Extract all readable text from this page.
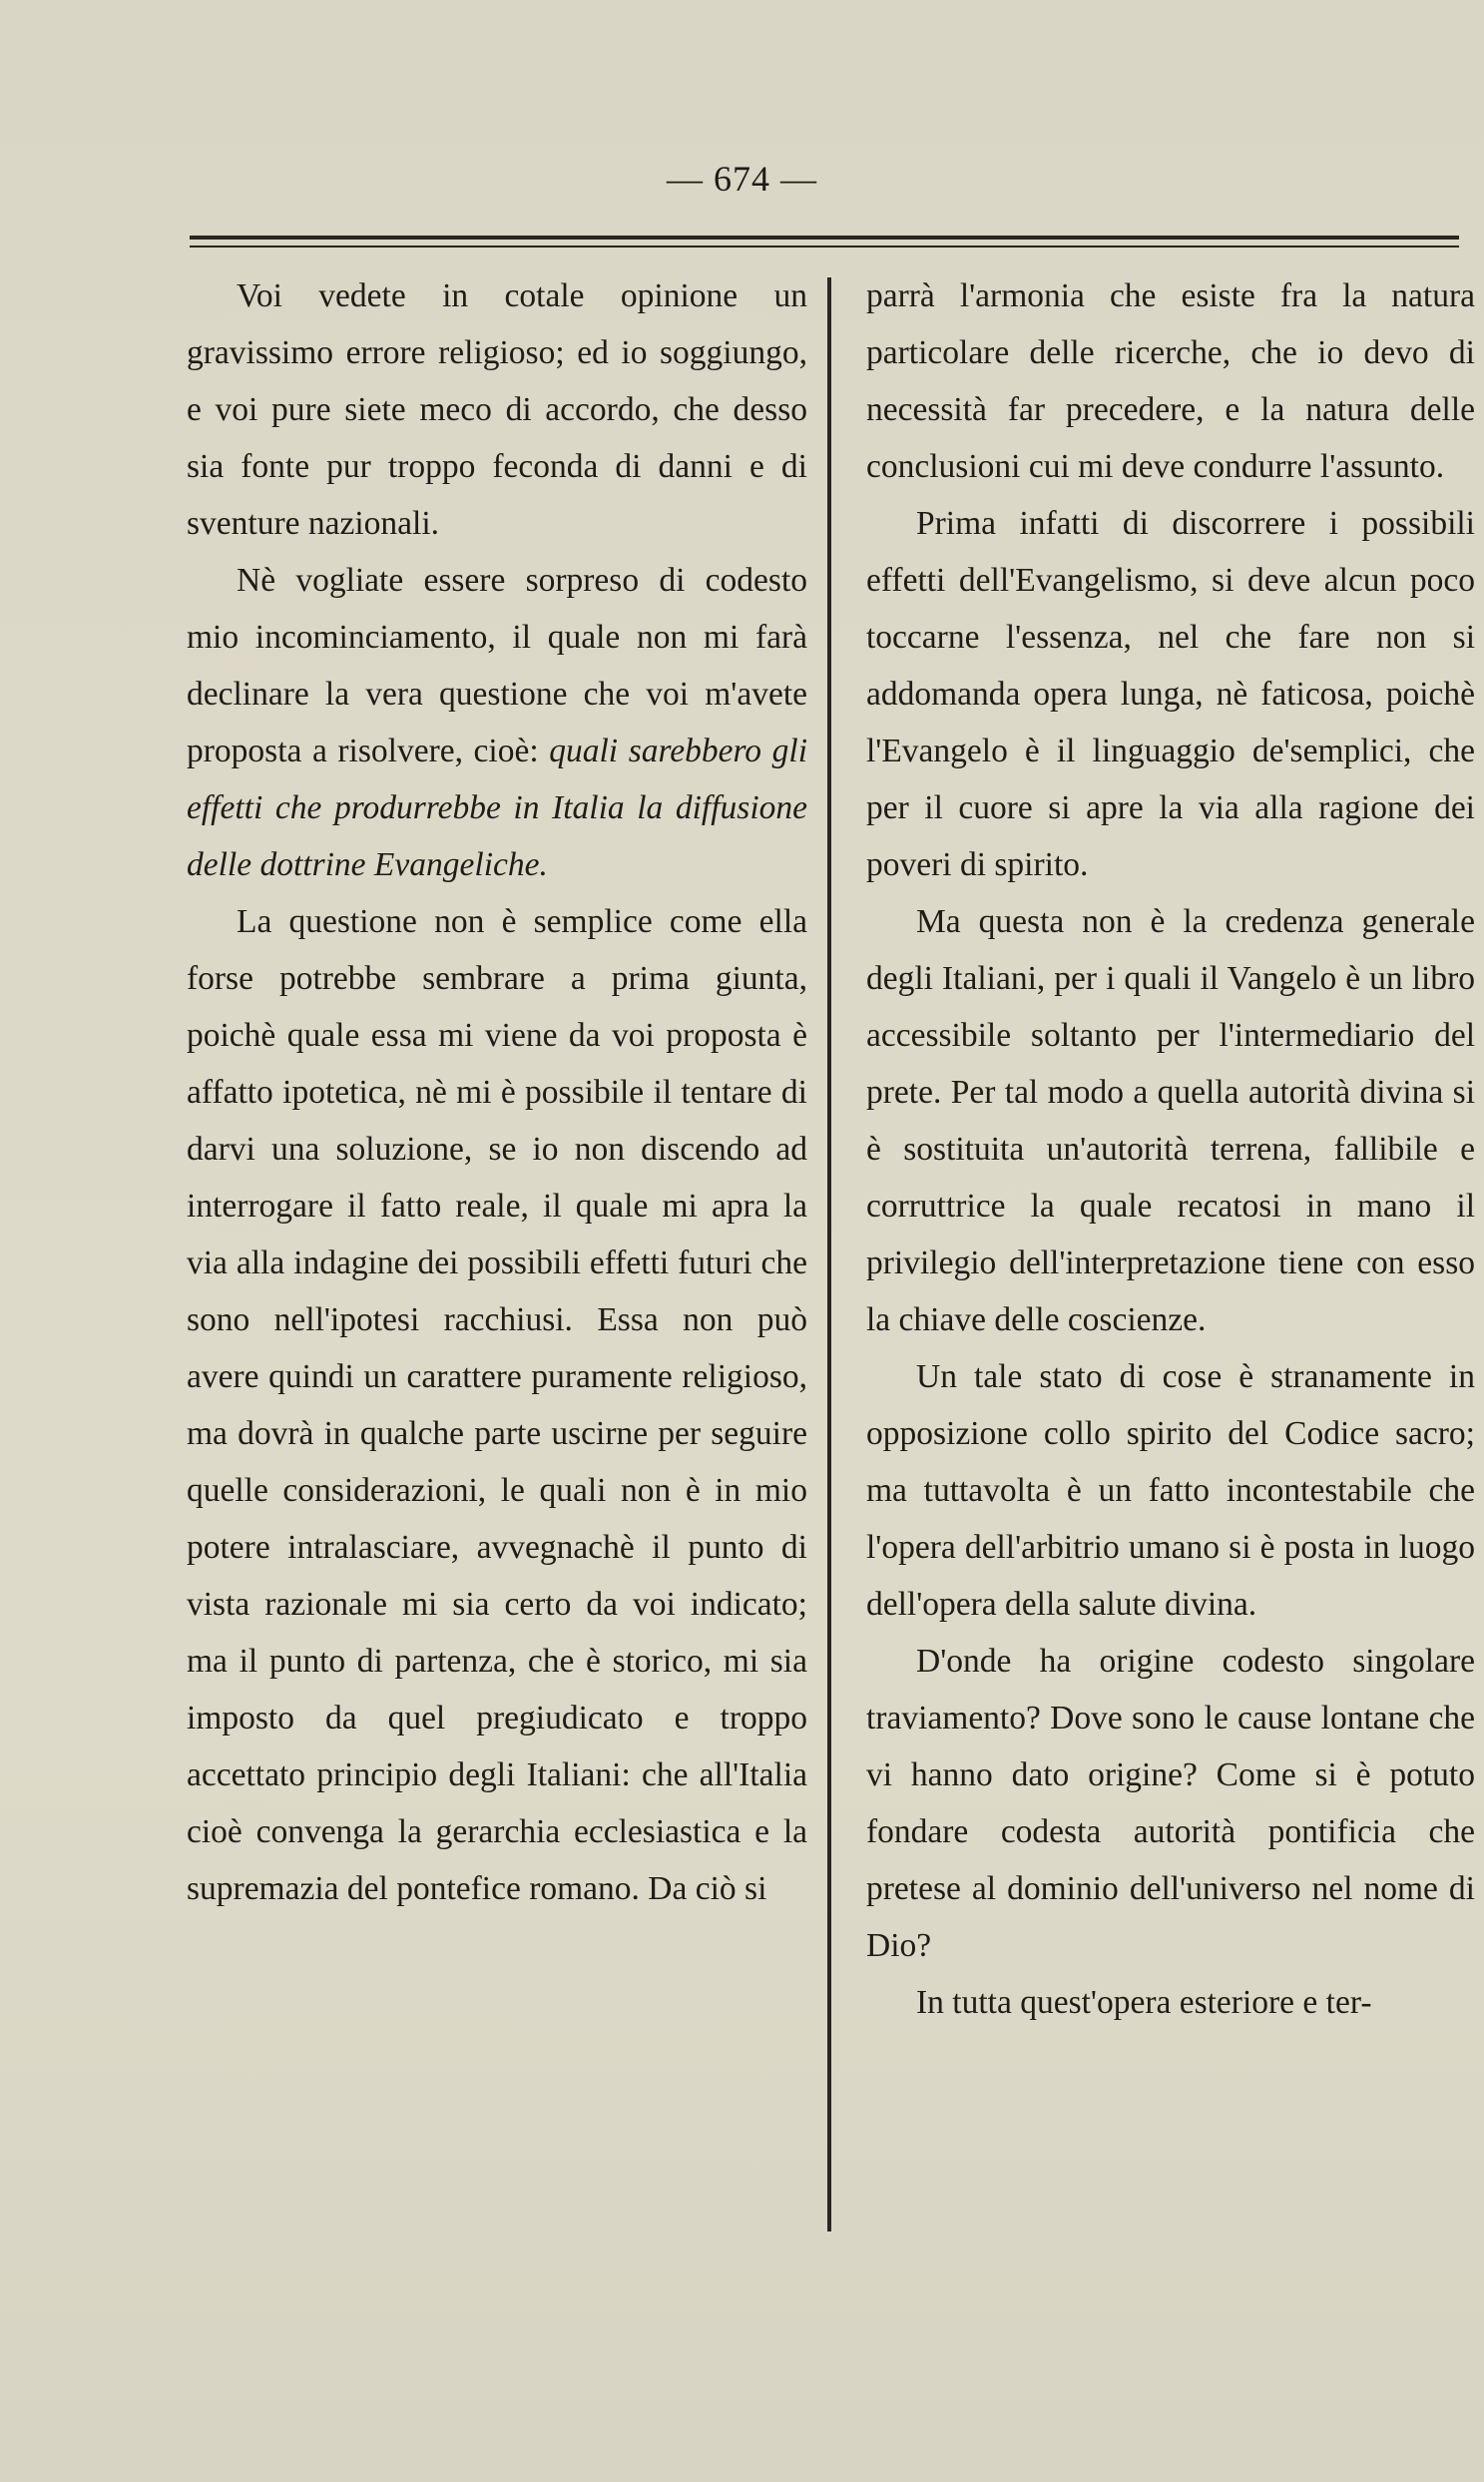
— 674 —

Voi vedete in cotale opinione un gravissimo errore religioso; ed io soggiungo, e voi pure siete meco di accordo, che desso sia fonte pur troppo feconda di danni e di sventure nazionali.

Nè vogliate essere sorpreso di codesto mio incominciamento, il quale non mi farà declinare la vera questione che voi m'avete proposta a risolvere, cioè: quali sarebbero gli effetti che produrrebbe in Italia la diffusione delle dottrine Evangeliche.

La questione non è semplice come ella forse potrebbe sembrare a prima giunta, poichè quale essa mi viene da voi proposta è affatto ipotetica, nè mi è possibile il tentare di darvi una soluzione, se io non discendo ad interrogare il fatto reale, il quale mi apra la via alla indagine dei possibili effetti futuri che sono nell'ipotesi racchiusi. Essa non può avere quindi un carattere puramente religioso, ma dovrà in qualche parte uscirne per seguire quelle considerazioni, le quali non è in mio potere intralasciare, avvegnachè il punto di vista razionale mi sia certo da voi indicato; ma il punto di partenza, che è storico, mi sia imposto da quel pregiudicato e troppo accettato principio degli Italiani: che all'Italia cioè convenga la gerarchia ecclesiastica e la supremazia del pontefice romano. Da ciò si

parrà l'armonia che esiste fra la natura particolare delle ricerche, che io devo di necessità far precedere, e la natura delle conclusioni cui mi deve condurre l'assunto.

Prima infatti di discorrere i possibili effetti dell'Evangelismo, si deve alcun poco toccarne l'essenza, nel che fare non si addomanda opera lunga, nè faticosa, poichè l'Evangelo è il linguaggio de'semplici, che per il cuore si apre la via alla ragione dei poveri di spirito.

Ma questa non è la credenza generale degli Italiani, per i quali il Vangelo è un libro accessibile soltanto per l'intermediario del prete. Per tal modo a quella autorità divina si è sostituita un'autorità terrena, fallibile e corruttrice la quale recatosi in mano il privilegio dell'interpretazione tiene con esso la chiave delle coscienze.

Un tale stato di cose è stranamente in opposizione collo spirito del Codice sacro; ma tuttavolta è un fatto incontestabile che l'opera dell'arbitrio umano si è posta in luogo dell'opera della salute divina.

D'onde ha origine codesto singolare traviamento? Dove sono le cause lontane che vi hanno dato origine? Come si è potuto fondare codesta autorità pontificia che pretese al dominio dell'universo nel nome di Dio?

In tutta quest'opera esteriore e ter-
